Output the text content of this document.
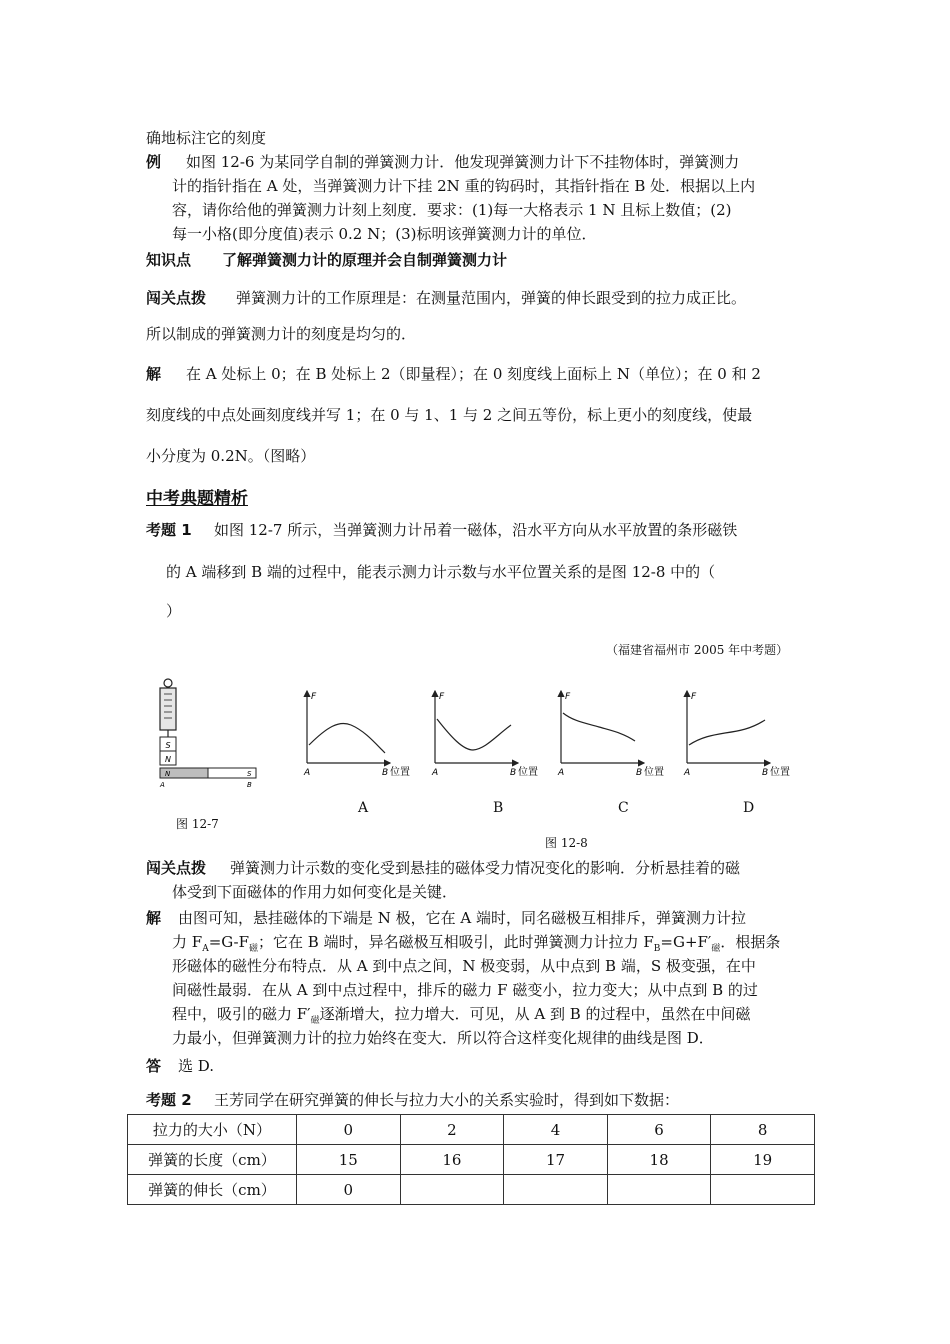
确地标注它的刻度
例 如图 12-6 为某同学自制的弹簧测力计．他发现弹簧测力计下不挂物体时，弹簧测力
计的指针指在 A 处，当弹簧测力计下挂 2N 重的钩码时，其指针指在 B 处．根据以上内
容，请你给他的弹簧测力计刻上刻度．要求：(1)每一大格表示 1 N 且标上数值；(2)
每一小格(即分度值)表示 0.2 N；(3)标明该弹簧测力计的单位．
知识点 了解弹簧测力计的原理并会自制弹簧测力计
闯关点拨 弹簧测力计的工作原理是：在测量范围内，弹簧的伸长跟受到的拉力成正比。
所以制成的弹簧测力计的刻度是均匀的．
解 在 A 处标上 0；在 B 处标上 2（即量程）；在 0 刻度线上面标上 N（单位）；在 0 和 2
刻度线的中点处画刻度线并写 1；在 0 与 1、1 与 2 之间五等份，标上更小的刻度线，使最
小分度为 0.2N。（图略）
中考典题精析
考题 1 如图 12-7 所示，当弹簧测力计吊着一磁体，沿水平方向从水平放置的条形磁铁
的 A 端移到 B 端的过程中，能表示测力计示数与水平位置关系的是图 12-8 中的（
）
（福建省福州市 2005 年中考题）
S
N
N	S
A	B
图 12-7
F
A	B 位置
F
A	B 位置
F
A	B 位置
F
A	B 位置
A	B	C	D
图 12-8
闯关点拨 弹簧测力计示数的变化受到悬挂的磁体受力情况变化的影响．分析悬挂着的磁
体受到下面磁体的作用力如何变化是关键．
解 由图可知，悬挂磁体的下端是 N 极，它在 A 端时，同名磁极互相排斥，弹簧测力计拉
力 $F_A=G-F_磁$；它在 B 端时，异名磁极互相吸引，此时弹簧测力计拉力 $F_B=G+F'_磁$．根据条
形磁体的磁性分布特点．从 A 到中点之间，N 极变弱，从中点到 B 端，S 极变强，在中
间磁性最弱．在从 A 到中点过程中，排斥的磁力 F 磁变小，拉力变大；从中点到 B 的过
程中，吸引的磁力 $F'_磁$逐渐增大，拉力增大．可见，从 A 到 B 的过程中，虽然在中间磁
力最小，但弹簧测力计的拉力始终在变大．所以符合这样变化规律的曲线是图 D．
答 选 D.
考题 2 王芳同学在研究弹簧的伸长与拉力大小的关系实验时，得到如下数据：
拉力的大小（N）	0	2	4	6	8
弹簧的长度（cm）	15	16	17	18	19
弹簧的伸长（cm）	0				
